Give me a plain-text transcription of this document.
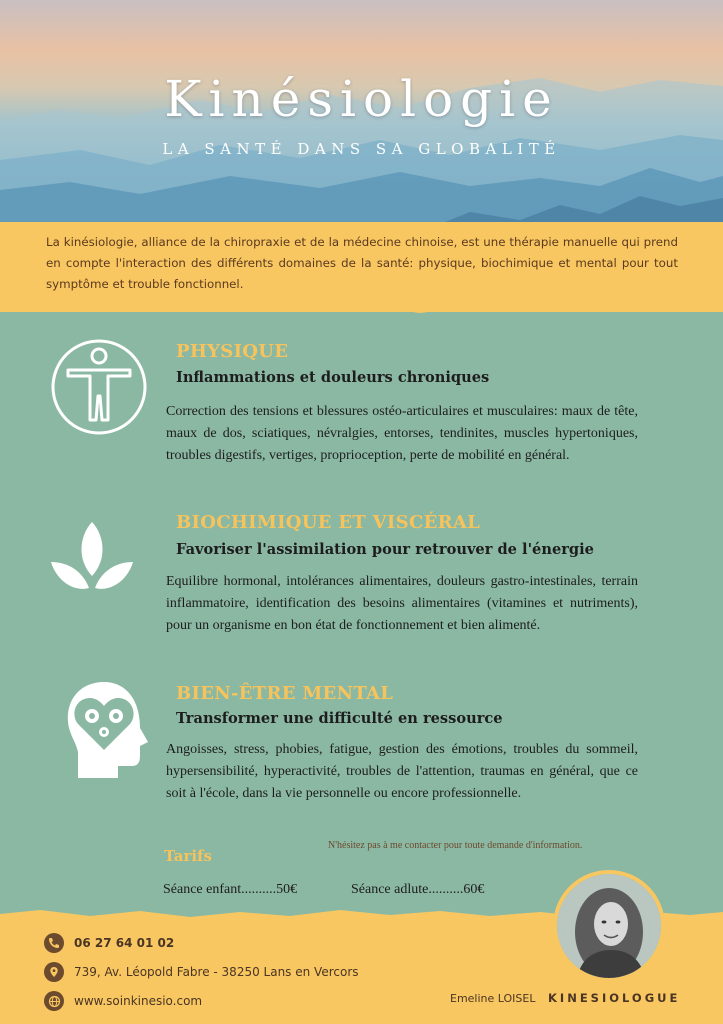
Kinésiologie
LA SANTÉ DANS SA GLOBALITÉ
La kinésiologie, alliance de la chiropraxie et de la médecine chinoise, est une thérapie manuelle qui prend en compte l'interaction des différents domaines de la santé: physique, biochimique et mental pour tout symptôme et trouble fonctionnel.
PHYSIQUE
Inflammations et douleurs chroniques
Correction des tensions et blessures ostéo-articulaires et musculaires: maux de tête, maux de dos, sciatiques, névralgies, entorses, tendinites, muscles hypertoniques, troubles digestifs, vertiges, proprioception, perte de mobilité en général.
BIOCHIMIQUE ET VISCÉRAL
Favoriser l'assimilation pour retrouver de l'énergie
Equilibre hormonal, intolérances alimentaires, douleurs gastro-intestinales, terrain inflammatoire, identification des besoins alimentaires (vitamines et nutriments), pour un organisme en bon état de fonctionnement et bien alimenté.
BIEN-ÊTRE MENTAL
Transformer une difficulté en ressource
Angoisses, stress, phobies, fatigue, gestion des émotions, troubles du sommeil, hypersensibilité, hyperactivité, troubles de l'attention, traumas en général, que ce soit à l'école, dans la vie personnelle ou encore professionnelle.
N'hésitez pas à me contacter pour toute demande d'information.
Tarifs
Séance enfant..........50€	Séance adlute..........60€
06 27 64 01 02
739, Av. Léopold Fabre - 38250 Lans en Vercors
www.soinkinesio.com	Emeline LOISEL KINESIOLOGUE
